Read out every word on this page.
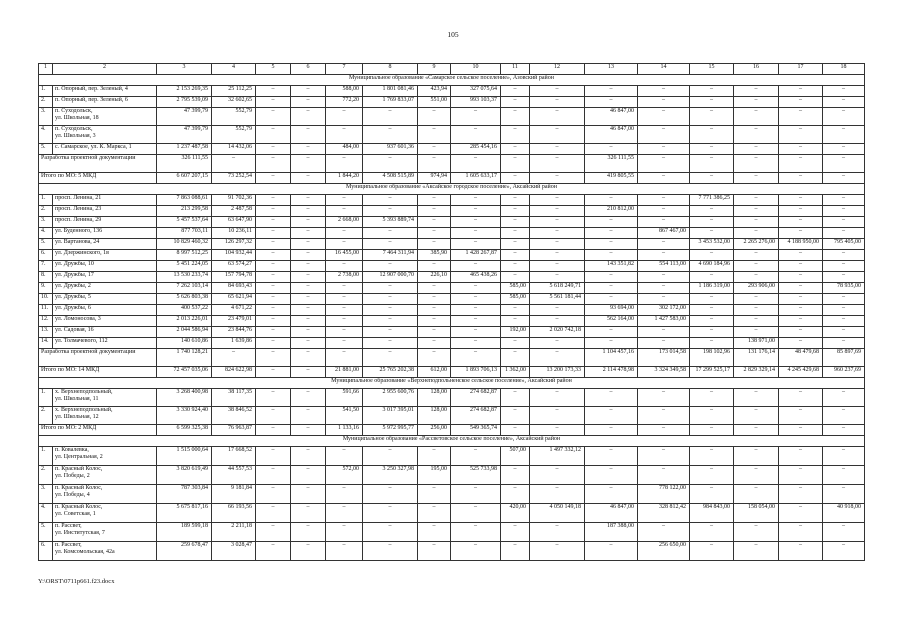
105
1	2	3	4	5	6	7	8	9	10	11	12	13	14	15	16	17	18
Муниципальное образование «Самарское сельское поселение», Азовский район																	
1.	п. Опорный, пер. Зеленый, 4	2 153 269,35	25 112,25	–	–	588,00	1 801 081,46	423,94	327 075,64	–	–	–	–	–	–	–	–
2.	п. Опорный, пер. Зеленый, 6	2 795 539,09	32 602,65	–	–	772,20	1 769 833,07	551,00	993 103,37	–	–	–	–	–	–	–	–
3.	п. Суходольск,
ул. Школьная, 18	47 399,79	552,79	–	–	–	–	–	–	–	–	46 847,00	–	–	–	–	–
4.	п. Суходольск,
ул. Школьная, 3	47 399,79	552,79	–	–	–	–	–	–	–	–	46 847,00	–	–	–	–	–
5.	с. Самарское, ул. К. Маркса, 1	1 237 487,58	14 432,06	–	–	484,00	937 601,36	–	285 454,16	–	–	–	–	–	–	–	–
Разработка проектной документации		326 111,55	–	–	–	–	–	–	–	–	–	326 111,55	–	–	–	–	–
Итого по МО: 5 МКД		6 607 207,15	73 252,54	–	–	1 844,20	4 508 515,89	974,94	1 605 633,17	–	–	419 805,55	–	–	–	–	–
Муниципальное образование «Аксайское городское поселение», Аксайский район																	
1.	просп. Ленина, 21	7 863 088,61	91 702,36	–	–	–	–	–	–	–	–	–	–	7 771 386,25	–	–	–
2.	просп. Ленина, 23	213 299,58	2 487,58	–	–	–	–	–	–	–	–	210 812,00	–	–	–	–	–
3.	просп. Ленина, 29	5 457 537,64	63 647,90	–	–	2 668,00	5 393 889,74	–	–	–	–	–	–	–	–	–	–
4.	ул. Буденного, 136	877 703,11	10 236,11	–	–	–	–	–	–	–	–	–	867 467,00	–	–	–	–
5.	ул. Вартанова, 24	10 829 460,32	126 297,32	–	–	–	–	–	–	–	–	–	–	3 453 532,00	2 265 276,00	4 188 950,00	795 405,00
6.	ул. Дзержинского, 1в	8 997 512,25	104 932,44	–	–	16 455,00	7 464 311,94	385,90	1 428 267,87	–	–	–	–	–	–	–	–
7.	ул. Дружбы, 10	5 451 224,05	63 574,27	–	–	–	–	–	–	–	–	143 351,82	554 113,00	4 690 184,96	–	–	–
8.	ул. Дружбы, 17	13 530 233,74	157 794,78	–	–	2 738,00	12 907 000,70	226,10	465 438,26	–	–	–	–	–	–	–	–
9.	ул. Дружбы, 2	7 262 103,14	84 693,43	–	–	–	–	–	–	585,00	5 618 249,71	–	–	1 186 319,00	293 906,00	–	78 935,00
10.	ул. Дружбы, 5	5 626 803,38	65 621,94	–	–	–	–	–	–	585,00	5 561 181,44	–	–	–	–	–	–
11.	ул. Дружбы, 6	400 537,22	4 671,22	–	–	–	–	–	–	–	–	93 694,00	302 172,00	–	–	–	–
12.	ул. Ломоносова, 3	2 013 226,01	23 479,01	–	–	–	–	–	–	–	–	562 164,00	1 427 583,00	–	–	–	–
13.	ул. Садовая, 16	2 044 586,94	23 844,76	–	–	–	–	–	–	192,00	2 020 742,18	–	–	–	–	–	–
14.	ул. Толмачевого, 112	140 610,86	1 639,86	–	–	–	–	–	–	–	–	–	–	–	138 971,00	–	–
Разработка проектной документации		1 740 128,21	–	–	–	–	–	–	–	–	–	1 104 457,16	173 014,58	198 102,96	131 176,14	48 479,68	85 897,69
Итого по МО: 14 МКД		72 457 035,06	824 622,98	–	–	21 881,00	25 765 202,38	612,00	1 893 706,13	1 362,00	13 200 173,33	2 114 478,98	3 324 349,58	17 299 525,17	2 829 329,14	4 245 429,68	960 237,69
Муниципальное образование «Верхнеподпольненское сельское поселение», Аксайский район																	
1.	х. Верхнеподпольный,
ул. Школьная, 11	3 268 400,98	38 117,35	–	–	591,66	2 955 600,76	128,00	274 682,87	–	–	–	–	–	–	–	–
2.	х. Верхнеподпольный,
ул. Школьная, 12	3 330 924,40	38 846,52	–	–	541,50	3 017 395,01	128,00	274 682,87	–	–	–	–	–	–	–	–
Итого по МО: 2 МКД		6 599 325,38	76 963,87	–	–	1 133,16	5 972 995,77	256,00	549 365,74	–	–	–	–	–	–	–	–
Муниципальное образование «Рассветовское сельское поселение», Аксайский район																	
1.	п. Ковалевка,
ул. Центральная, 2	1 515 000,64	17 668,52	–	–	–	–	–	–	507,00	1 497 332,12	–	–	–	–	–	–
2.	п. Красный Колос,
ул. Победы, 2	3 820 619,49	44 557,53	–	–	572,00	3 250 327,98	195,00	525 733,98	–	–	–	–	–	–	–	–
3.	п. Красный Колос,
ул. Победы, 4	787 303,84	9 181,84	–	–	–	–	–	–	–	–	–	778 122,00	–	–	–	–
4.	п. Красный Колос,
ул. Советская, 1	5 675 817,16	66 193,56	–	–	–	–	–	–	420,00	4 050 149,18	46 847,00	328 812,42	984 843,00	158 054,00	–	40 918,00
5.	п. Рассвет,
ул. Институтская, 7	189 599,18	2 211,18	–	–	–	–	–	–	–	–	187 388,00	–	–	–	–	–
6.	п. Рассвет,
ул. Комсомольская, 42а	259 678,47	3 028,47	–	–	–	–	–	–	–	–	–	256 650,00	–	–	–	–
Y:\ORST\0711p661.f23.docx
